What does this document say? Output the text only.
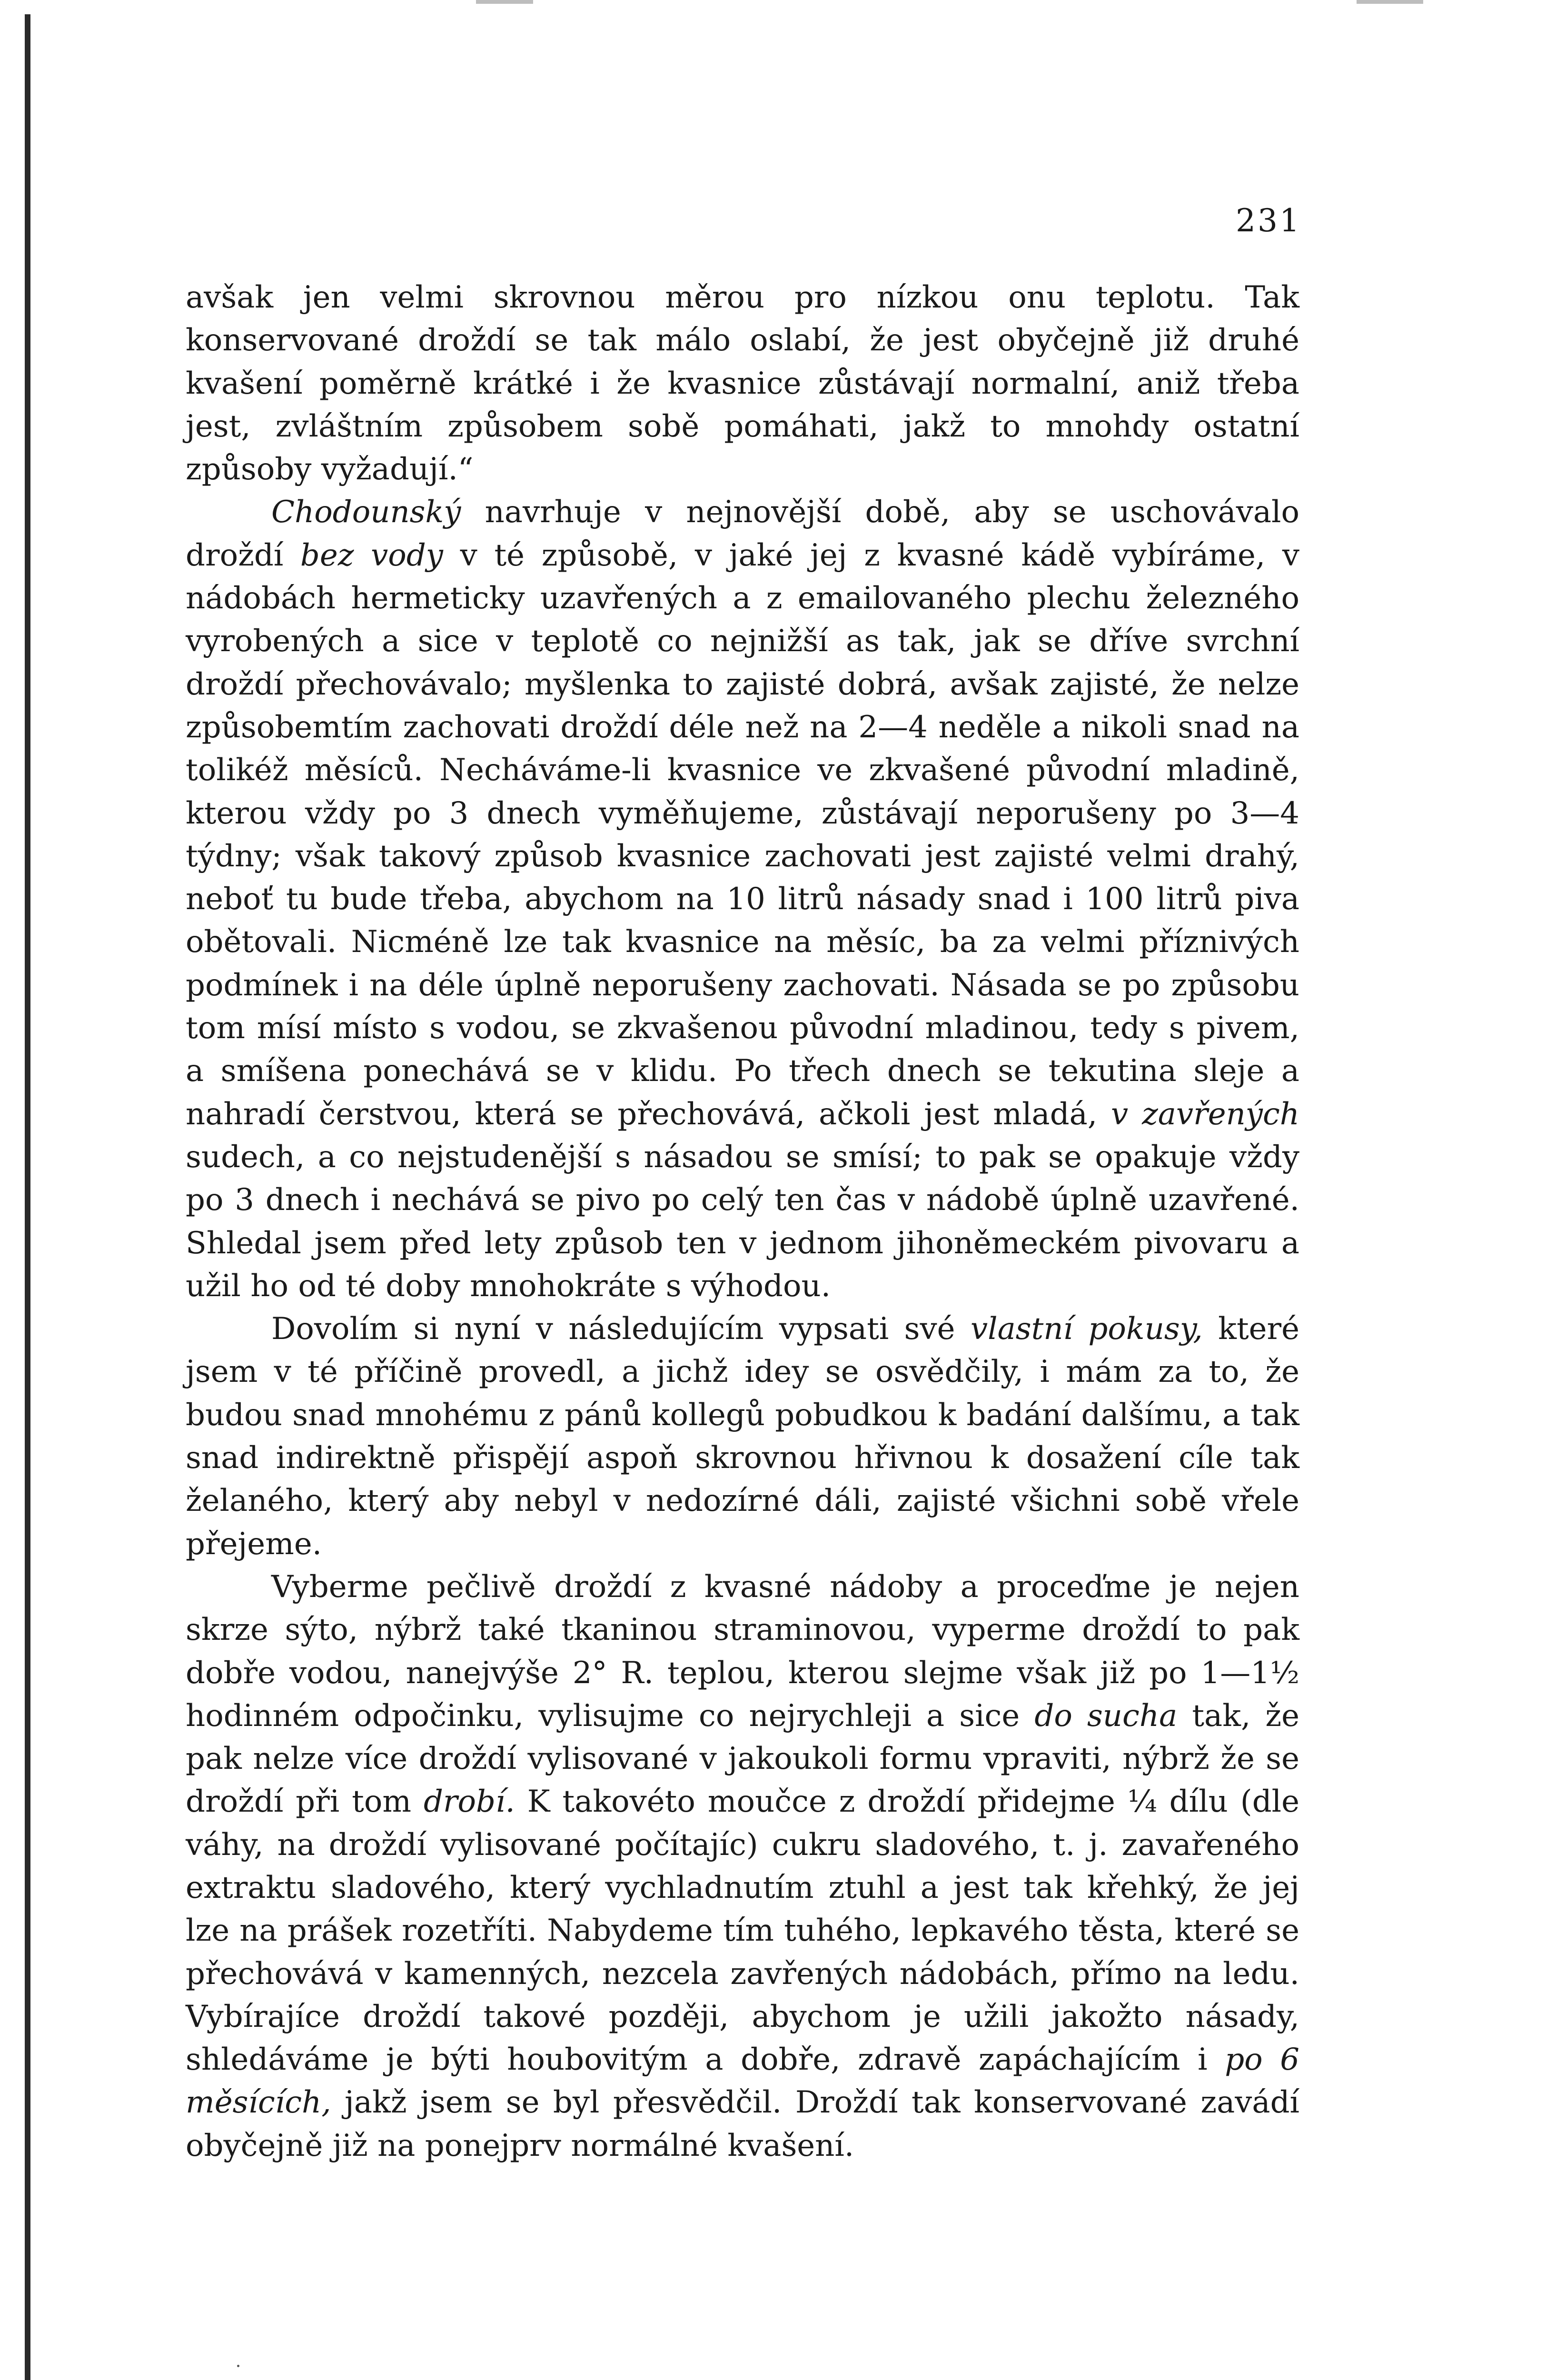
231

avšak jen velmi skrovnou měrou pro nízkou onu teplotu. Tak konservované droždí se tak málo oslabí, že jest obyčejně již druhé kvašení poměrně krátké i že kvasnice zůstávají normalní, aniž třeba jest, zvláštním způsobem sobě pomáhati, jakž to mnohdy ostatní způsoby vyžadují.“

Chodounský navrhuje v nejnovější době, aby se uschovávalo droždí bez vody v té způsobě, v jaké jej z kvasné kádě vybíráme, v nádobách hermeticky uzavřených a z emailovaného plechu železného vyrobených a sice v teplotě co nejnižší as tak, jak se dříve svrchní droždí přechovávalo; myšlenka to zajisté dobrá, avšak zajisté, že nelze způsobemtím zachovati droždí déle než na 2—4 neděle a nikoli snad na tolikéž měsíců. Necháváme-li kvasnice ve zkvašené původní mladině, kterou vždy po 3 dnech vyměňujeme, zůstávají neporušeny po 3—4 týdny; však takový způsob kvasnice zachovati jest zajisté velmi drahý, neboť tu bude třeba, abychom na 10 litrů násady snad i 100 litrů piva obětovali. Nicméně lze tak kvasnice na měsíc, ba za velmi příznivých podmínek i na déle úplně neporušeny zachovati. Násada se po způsobu tom mísí místo s vodou, se zkvašenou původní mladinou, tedy s pivem, a smíšena ponechává se v klidu. Po třech dnech se tekutina sleje a nahradí čerstvou, která se přechovává, ačkoli jest mladá, v zavřených sudech, a co nejstudenější s násadou se smísí; to pak se opakuje vždy po 3 dnech i nechává se pivo po celý ten čas v nádobě úplně uzavřené. Shledal jsem před lety způsob ten v jednom jihoněmeckém pivovaru a užil ho od té doby mnohokráte s výhodou.

Dovolím si nyní v následujícím vypsati své vlastní pokusy, které jsem v té příčině provedl, a jichž idey se osvědčily, i mám za to, že budou snad mnohému z pánů kollegů pobudkou k badání dalšímu, a tak snad indirektně přispějí aspoň skrovnou hřivnou k dosažení cíle tak želaného, který aby nebyl v nedozírné dáli, zajisté všichni sobě vřele přejeme.

Vyberme pečlivě droždí z kvasné nádoby a proceďme je nejen skrze sýto, nýbrž také tkaninou straminovou, vyperme droždí to pak dobře vodou, nanejvýše 2° R. teplou, kterou slejme však již po 1—1½ hodinném odpočinku, vylisujme co nejrychleji a sice do sucha tak, že pak nelze více droždí vylisované v jakoukoli formu vpraviti, nýbrž že se droždí při tom drobí. K takovéto moučce z droždí přidejme ¼ dílu (dle váhy, na droždí vylisované počítajíc) cukru sladového, t. j. zavařeného extraktu sladového, který vychladnutím ztuhl a jest tak křehký, že jej lze na prášek rozetříti. Nabydeme tím tuhého, lepkavého těsta, které se přechovává v kamenných, nezcela zavřených nádobách, přímo na ledu. Vybírajíce droždí takové později, abychom je užili jakožto násady, shledáváme je býti houbovitým a dobře, zdravě zapáchajícím i po 6 měsících, jakž jsem se byl přesvědčil. Droždí tak konservované zavádí obyčejně již na ponejprv normálné kvašení.
